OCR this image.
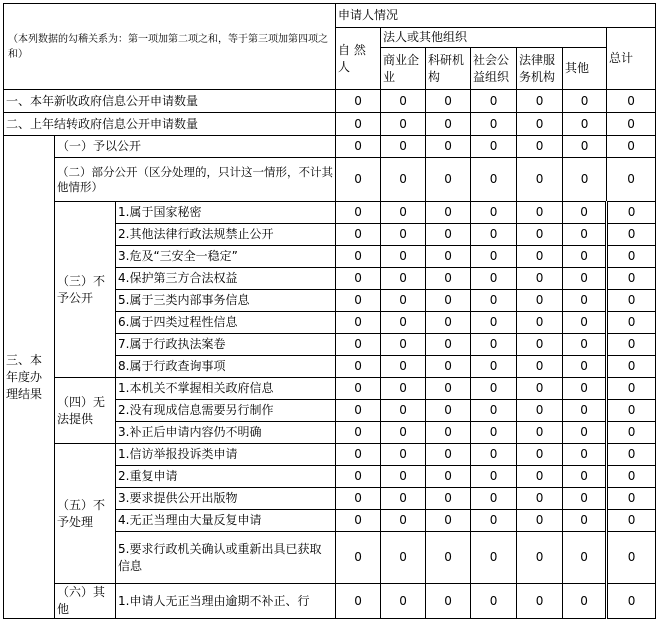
（本列数据的勾稽关系为：第一项加第二项之和，等于第三项加第四项之和）			申请人情况						
			自 然 人	法人或其他组织					总计
				商业企业	科研机构	社会公益组织	法律服务机构	其他	

一、本年新收政府信息公开申请数量			0	0	0	0	0	0	0
二、上年结转政府信息公开申请数量			0	0	0	0	0	0	0
三、本年度办理结果	（一）予以公开		0	0	0	0	0	0	0
	（二）部分公开（区分处理的，只计这一情形，不计其他情形）		0	0	0	0	0	0	0
	（三）不予公开	1.属于国家秘密	0	0	0	0	0	0	0
		2.其他法律行政法规禁止公开	0	0	0	0	0	0	0
		3.危及“三安全一稳定”	0	0	0	0	0	0	0
		4.保护第三方合法权益	0	0	0	0	0	0	0
		5.属于三类内部事务信息	0	0	0	0	0	0	0
		6.属于四类过程性信息	0	0	0	0	0	0	0
		7.属于行政执法案卷	0	0	0	0	0	0	0
		8.属于行政查询事项	0	0	0	0	0	0	0
	（四）无法提供	1.本机关不掌握相关政府信息	0	0	0	0	0	0	0
		2.没有现成信息需要另行制作	0	0	0	0	0	0	0
		3.补正后申请内容仍不明确	0	0	0	0	0	0	0
	（五）不予处理	1.信访举报投诉类申请	0	0	0	0	0	0	0
		2.重复申请	0	0	0	0	0	0	0
		3.要求提供公开出版物	0	0	0	0	0	0	0
		4.无正当理由大量反复申请	0	0	0	0	0	0	0
		5.要求行政机关确认或重新出具已获取信息	0	0	0	0	0	0	0
	（六）其他	1.申请人无正当理由逾期不补正、行	0	0	0	0	0	0	0
